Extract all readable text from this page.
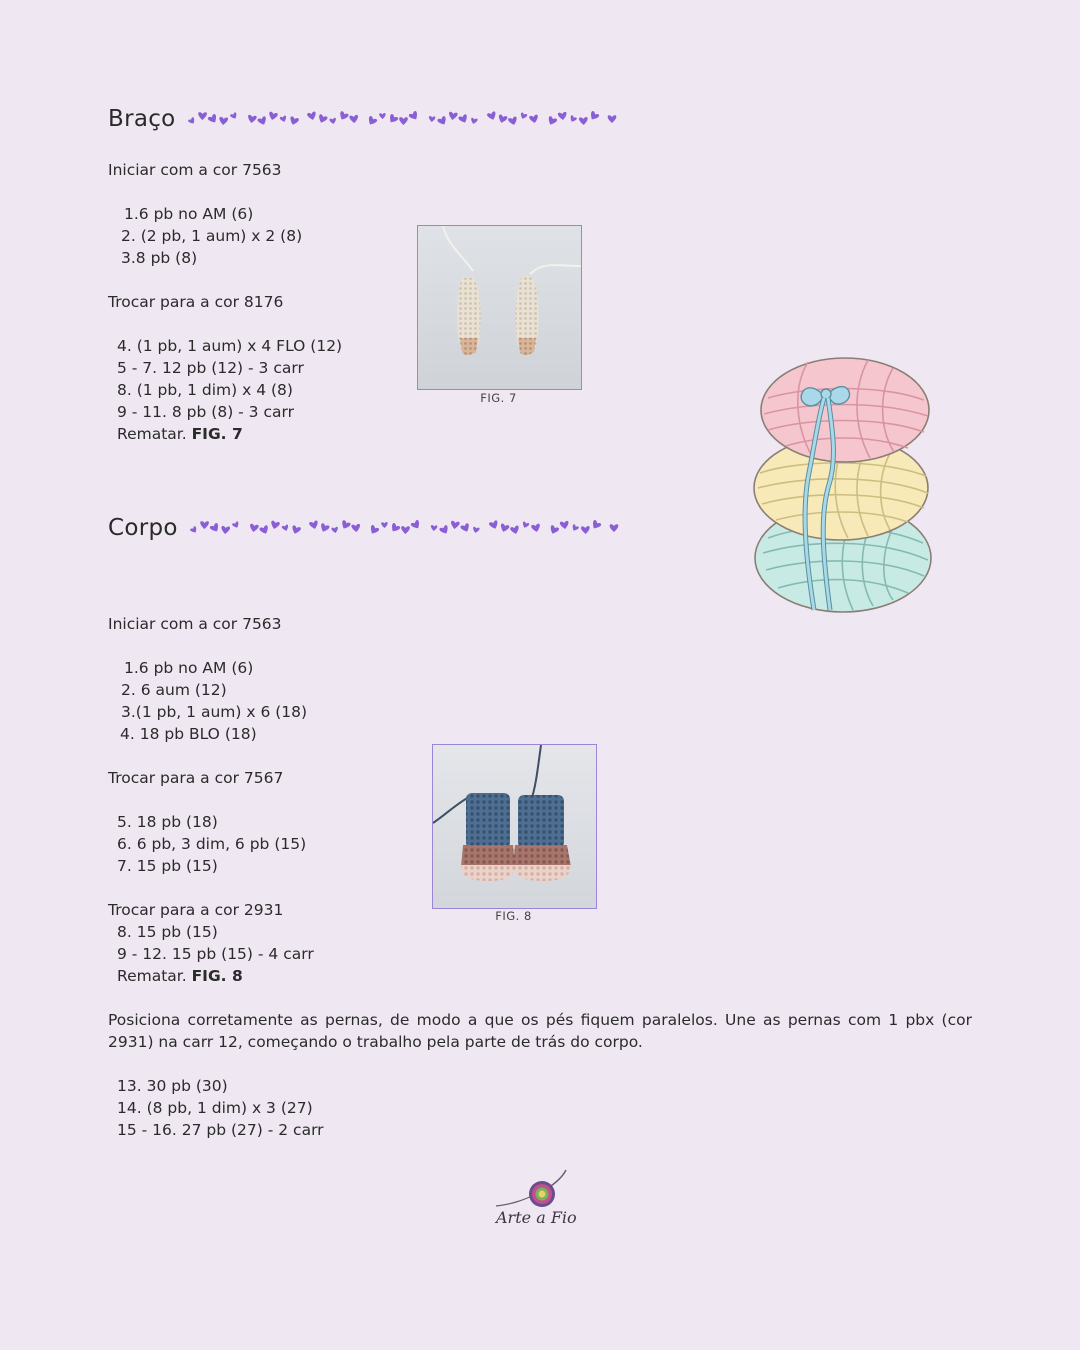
Braço
Iniciar com a cor 7563
1.6 pb no AM (6)
2. (2 pb, 1 aum) x 2 (8)
3.8 pb (8)
Trocar para a cor 8176
4. (1 pb, 1 aum) x 4 FLO (12)
5 - 7. 12 pb (12) - 3 carr
8. (1 pb, 1 dim) x 4 (8)
9 - 11. 8 pb (8) - 3 carr
Rematar. FIG. 7
FIG. 7
Corpo
Iniciar com a cor 7563
1.6 pb no AM (6)
2. 6 aum (12)
3.(1 pb, 1 aum) x 6 (18)
4. 18 pb BLO (18)
Trocar para a cor 7567
5. 18 pb (18)
6. 6 pb, 3 dim, 6 pb (15)
7. 15 pb (15)
Trocar para a cor 2931
8. 15 pb (15)
9 - 12. 15 pb (15) - 4 carr
Rematar. FIG. 8
FIG. 8
Posiciona corretamente as pernas, de modo a que os pés fiquem paralelos. Une as pernas com 1 pbx (cor 2931) na carr 12, começando o trabalho pela parte de trás do corpo.
13. 30 pb (30)
14. (8 pb, 1 dim) x 3 (27)
15 - 16. 27 pb (27) - 2 carr
Arte a Fio
